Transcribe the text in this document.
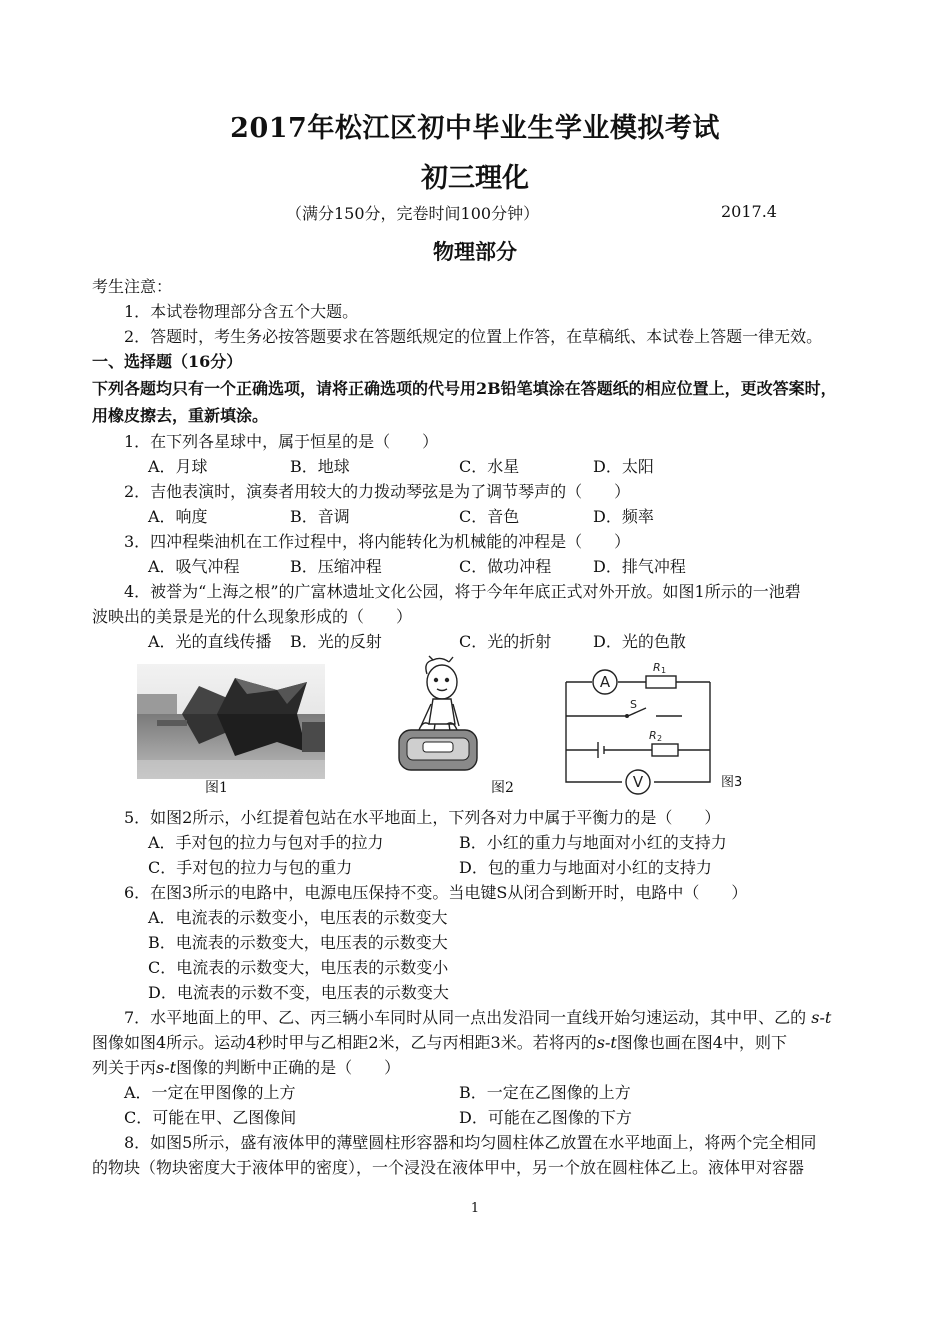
2017年松江区初中毕业生学业模拟考试
初三理化
（满分150分，完卷时间100分钟）	2017.4
物理部分
考生注意：
1．本试卷物理部分含五个大题。
2．答题时，考生务必按答题要求在答题纸规定的位置上作答，在草稿纸、本试卷上答题一律无效。
一、选择题（16分）
下列各题均只有一个正确选项，请将正确选项的代号用2B铅笔填涂在答题纸的相应位置上，更改答案时，
用橡皮擦去，重新填涂。
1．在下列各星球中，属于恒星的是（　　）
A．月球	B．地球	C．水星	D．太阳
2．吉他表演时，演奏者用较大的力拨动琴弦是为了调节琴声的（　　）
A．响度	B．音调	C．音色	D．频率
3．四冲程柴油机在工作过程中，将内能转化为机械能的冲程是（　　）
A．吸气冲程	B．压缩冲程	C．做功冲程	D．排气冲程
4．被誉为“上海之根”的广富林遗址文化公园，将于今年年底正式对外开放。如图1所示的一池碧
波映出的美景是光的什么现象形成的（　　）
A．光的直线传播 B．光的反射	C．光的折射	D．光的色散
图1	图2
A
V
S
R 1
R 2
图3
5．如图2所示，小红提着包站在水平地面上，下列各对力中属于平衡力的是（　　）
A．手对包的拉力与包对手的拉力	B．小红的重力与地面对小红的支持力
C．手对包的拉力与包的重力	D．包的重力与地面对小红的支持力
6．在图3所示的电路中，电源电压保持不变。当电键S从闭合到断开时，电路中（　　）
A．电流表的示数变小，电压表的示数变大
B．电流表的示数变大，电压表的示数变大
C．电流表的示数变大，电压表的示数变小
D．电流表的示数不变，电压表的示数变大
7．水平地面上的甲、乙、丙三辆小车同时从同一点出发沿同一直线开始匀速运动，其中甲、乙的 s-t
图像如图4所示。运动4秒时甲与乙相距2米，乙与丙相距3米。若将丙的s-t图像也画在图4中，则下
列关于丙s-t图像的判断中正确的是（　　）
A．一定在甲图像的上方	B．一定在乙图像的上方
C．可能在甲、乙图像间	D．可能在乙图像的下方
8．如图5所示，盛有液体甲的薄壁圆柱形容器和均匀圆柱体乙放置在水平地面上，将两个完全相同
的物块（物块密度大于液体甲的密度），一个浸没在液体甲中，另一个放在圆柱体乙上。液体甲对容器
1
